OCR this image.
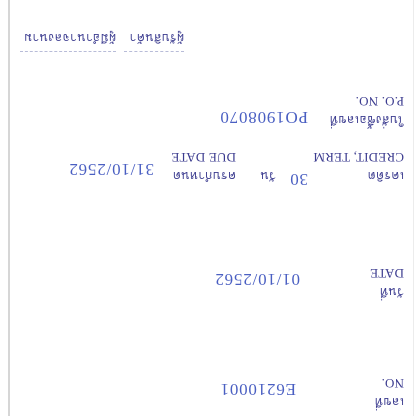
เลขที่
NO.
E6210001
วันที่
DATE
01/10/2562
เครดิต
CREDIT, TERM
30
วัน
ครบกำหนด
DUE DATE
31/10/2562
ใบสั่งซื้อเลขที่
P.O. NO.
PO1908070
ผู้รับสินค้า
ผู้มีอำนาจลงนาม
